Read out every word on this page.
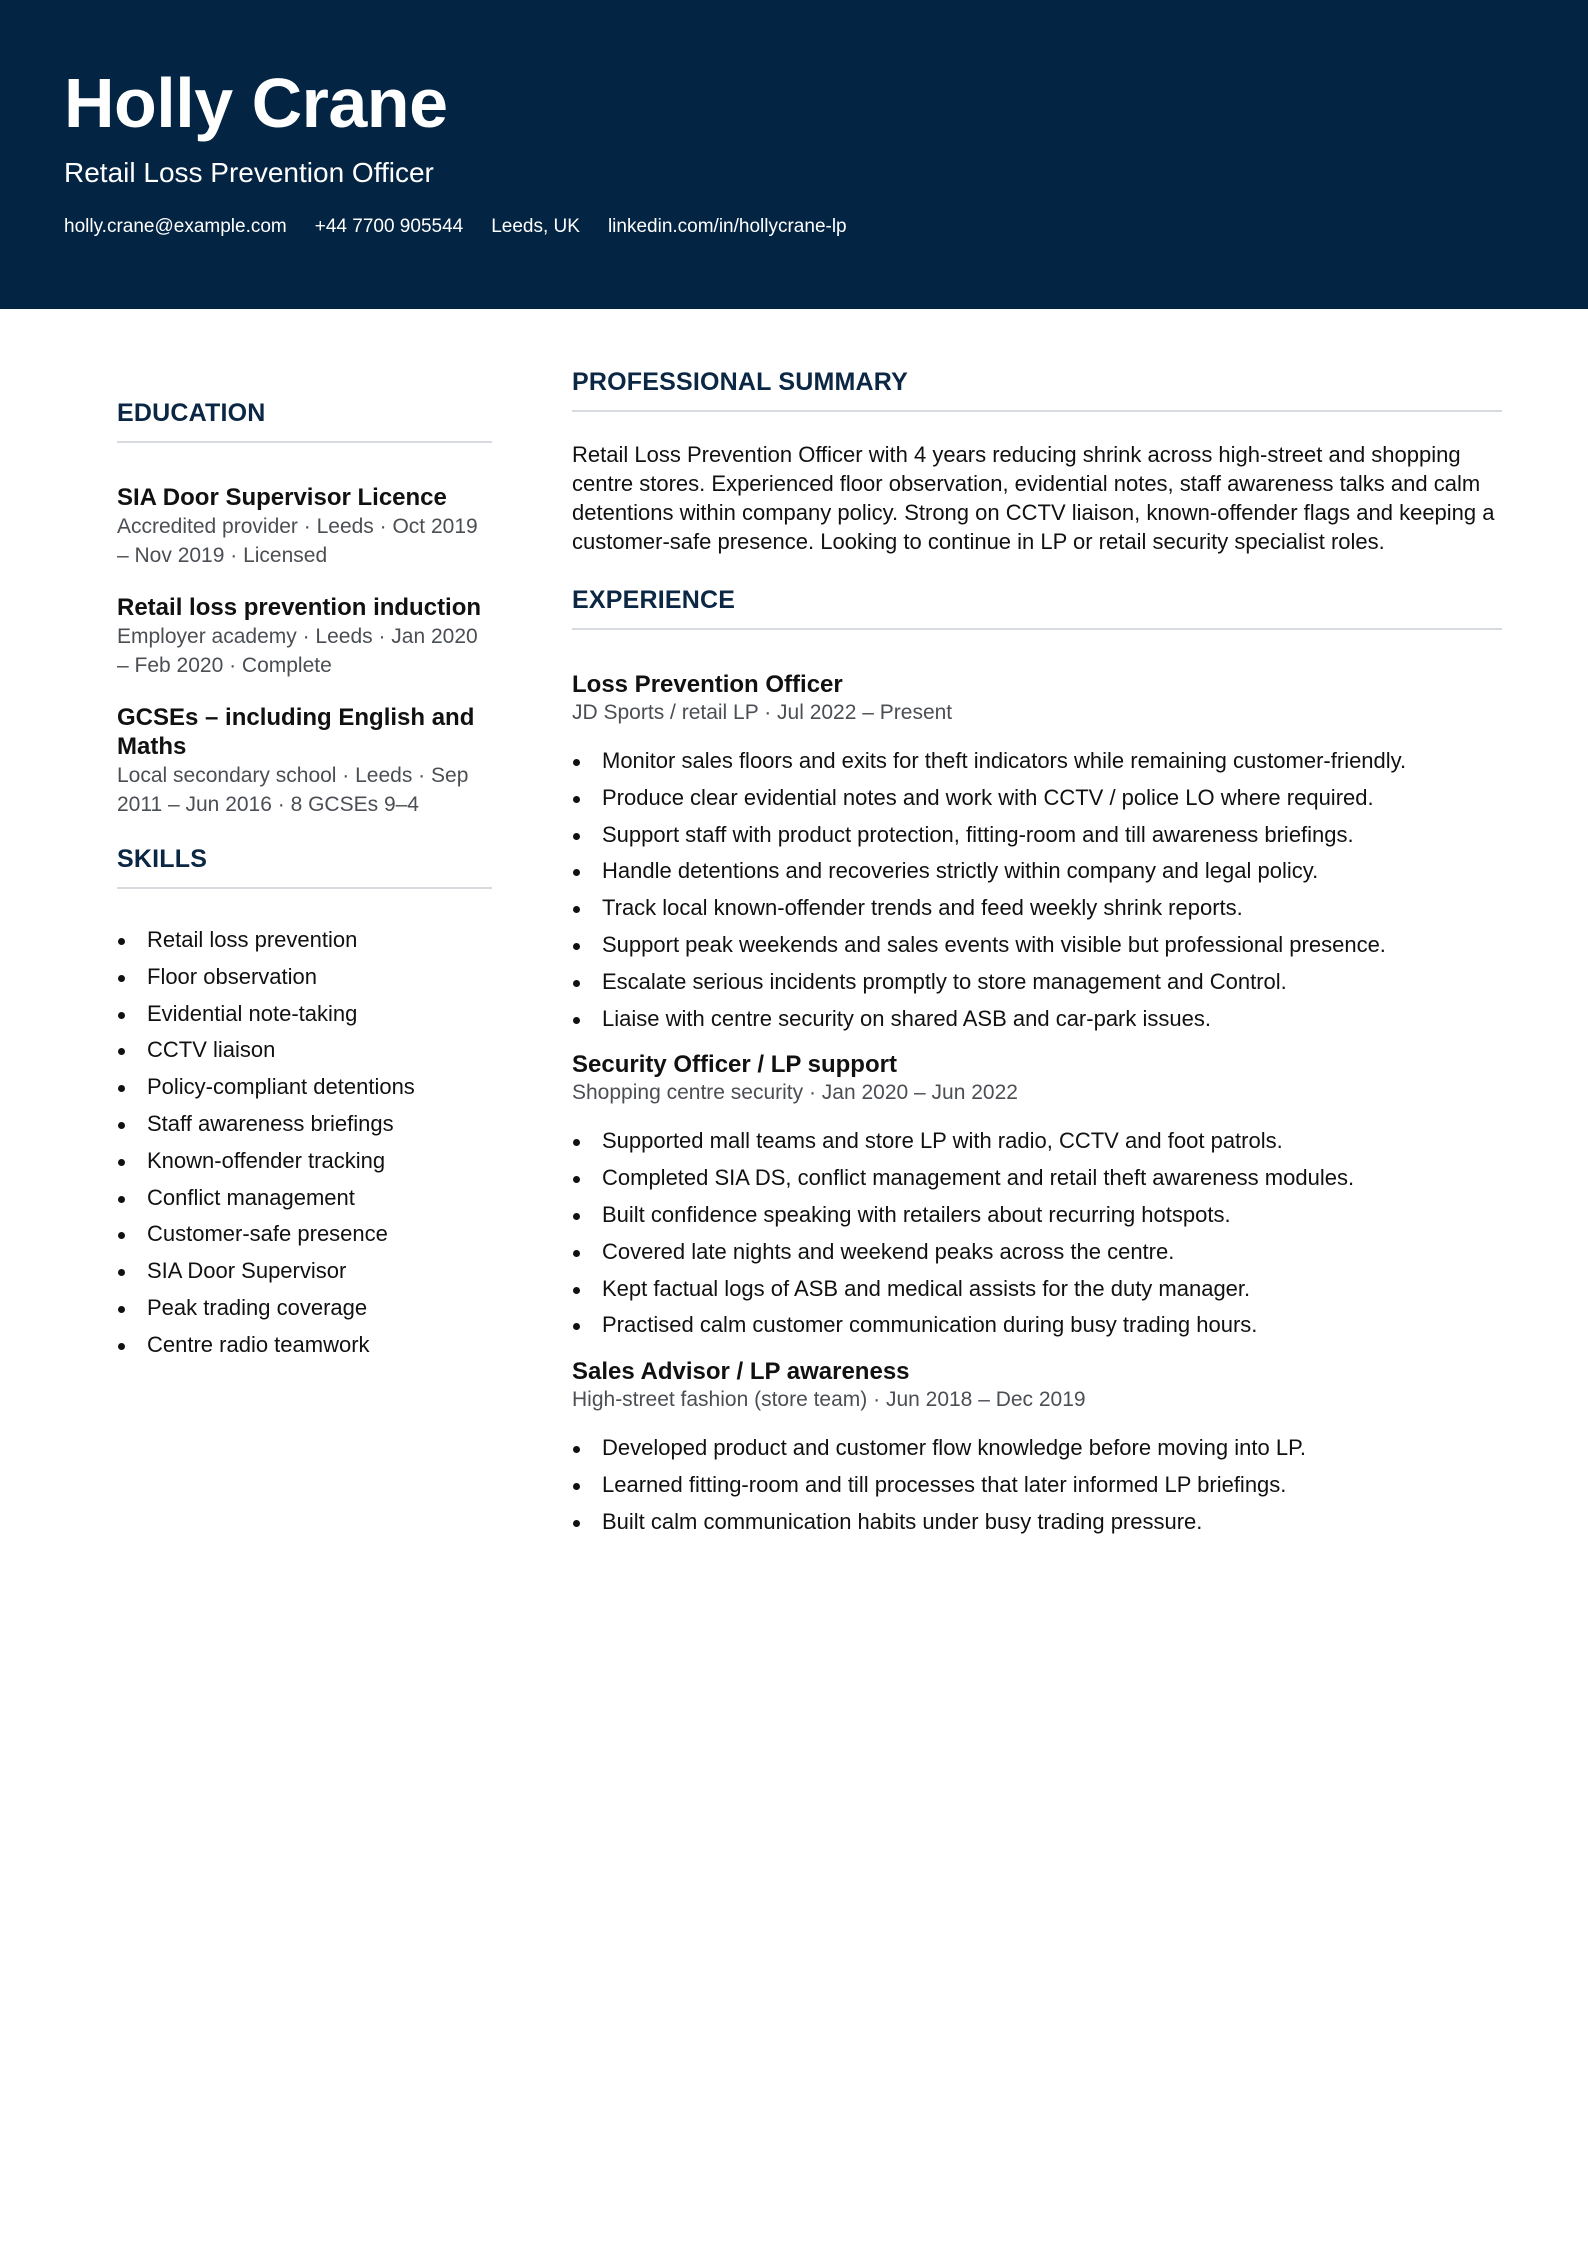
Holly Crane
Retail Loss Prevention Officer
holly.crane@example.com +44 7700 905544 Leeds, UK linkedin.com/in/hollycrane-lp
EDUCATION
SIA Door Supervisor Licence
Accredited provider · Leeds · Oct 2019 – Nov 2019 · Licensed
Retail loss prevention induction
Employer academy · Leeds · Jan 2020 – Feb 2020 · Complete
GCSEs – including English and Maths
Local secondary school · Leeds · Sep 2011 – Jun 2016 · 8 GCSEs 9–4
SKILLS
Retail loss prevention
Floor observation
Evidential note-taking
CCTV liaison
Policy-compliant detentions
Staff awareness briefings
Known-offender tracking
Conflict management
Customer-safe presence
SIA Door Supervisor
Peak trading coverage
Centre radio teamwork
PROFESSIONAL SUMMARY

Retail Loss Prevention Officer with 4 years reducing shrink across high-street and shopping centre stores. Experienced floor observation, evidential notes, staff awareness talks and calm detentions within company policy. Strong on CCTV liaison, known-offender flags and keeping a customer-safe presence. Looking to continue in LP or retail security specialist roles.

EXPERIENCE
Loss Prevention Officer
JD Sports / retail LP · Jul 2022 – Present
Monitor sales floors and exits for theft indicators while remaining customer-friendly.
Produce clear evidential notes and work with CCTV / police LO where required.
Support staff with product protection, fitting-room and till awareness briefings.
Handle detentions and recoveries strictly within company and legal policy.
Track local known-offender trends and feed weekly shrink reports.
Support peak weekends and sales events with visible but professional presence.
Escalate serious incidents promptly to store management and Control.
Liaise with centre security on shared ASB and car-park issues.
Security Officer / LP support
Shopping centre security · Jan 2020 – Jun 2022
Supported mall teams and store LP with radio, CCTV and foot patrols.
Completed SIA DS, conflict management and retail theft awareness modules.
Built confidence speaking with retailers about recurring hotspots.
Covered late nights and weekend peaks across the centre.
Kept factual logs of ASB and medical assists for the duty manager.
Practised calm customer communication during busy trading hours.
Sales Advisor / LP awareness
High-street fashion (store team) · Jun 2018 – Dec 2019
Developed product and customer flow knowledge before moving into LP.
Learned fitting-room and till processes that later informed LP briefings.
Built calm communication habits under busy trading pressure.
